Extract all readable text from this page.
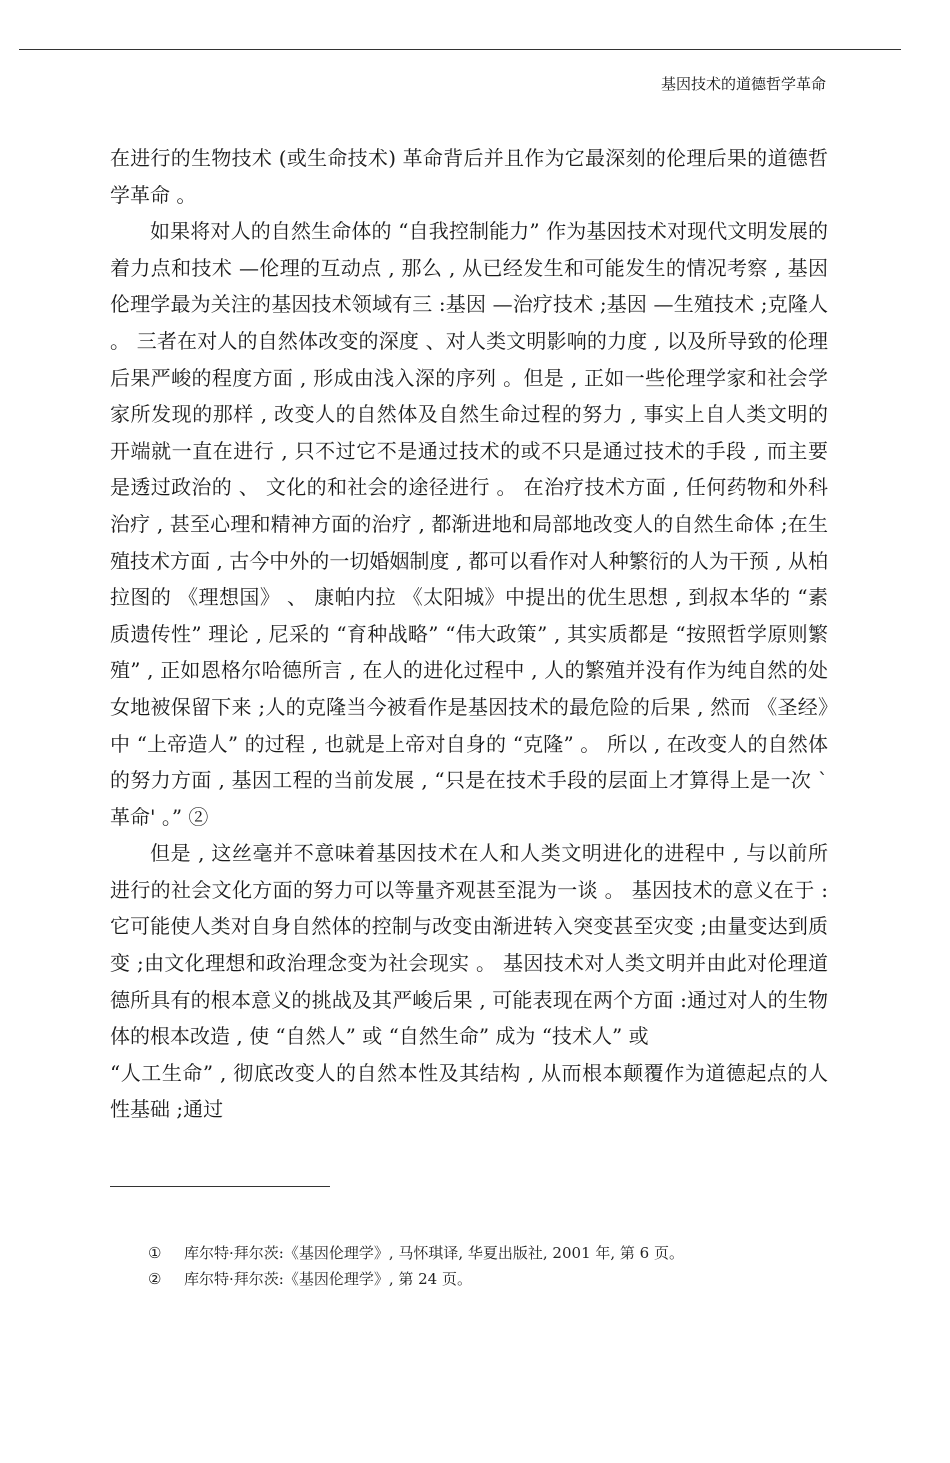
基因技术的道德哲学革命

在进行的生物技术 (或生命技术) 革命背后并且作为它最深刻的伦理后果的道德哲学革命 。

如果将对人的自然生命体的 “自我控制能力” 作为基因技术对现代文明发展的着力点和技术 —伦理的互动点 , 那么 , 从已经发生和可能发生的情况考察 , 基因伦理学最为关注的基因技术领域有三 :基因 —治疗技术 ;基因 —生殖技术 ;克隆人 。 三者在对人的自然体改变的深度 、对人类文明影响的力度 , 以及所导致的伦理后果严峻的程度方面 , 形成由浅入深的序列 。但是 , 正如一些伦理学家和社会学家所发现的那样 , 改变人的自然体及自然生命过程的努力 , 事实上自人类文明的开端就一直在进行 , 只不过它不是通过技术的或不只是通过技术的手段 , 而主要是透过政治的 、 文化的和社会的途径进行 。 在治疗技术方面 , 任何药物和外科治疗 , 甚至心理和精神方面的治疗 , 都渐进地和局部地改变人的自然生命体 ;在生殖技术方面 , 古今中外的一切婚姻制度 , 都可以看作对人种繁衍的人为干预 , 从柏拉图的 《理想国》 、 康帕内拉 《太阳城》中提出的优生思想 , 到叔本华的 “素质遗传性” 理论 , 尼采的 “育种战略” “伟大政策” , 其实质都是 “按照哲学原则繁殖” , 正如恩格尔哈德所言 , 在人的进化过程中 , 人的繁殖并没有作为纯自然的处女地被保留下来 ;人的克隆当今被看作是基因技术的最危险的后果 , 然而 《圣经》中 “上帝造人” 的过程 , 也就是上帝对自身的 “克隆” 。 所以 , 在改变人的自然体的努力方面 , 基因工程的当前发展 , “只是在技术手段的层面上才算得上是一次 `革命' 。” ②

但是 , 这丝毫并不意味着基因技术在人和人类文明进化的进程中 , 与以前所进行的社会文化方面的努力可以等量齐观甚至混为一谈 。 基因技术的意义在于 :它可能使人类对自身自然体的控制与改变由渐进转入突变甚至灾变 ;由量变达到质变 ;由文化理想和政治理念变为社会现实 。 基因技术对人类文明并由此对伦理道德所具有的根本意义的挑战及其严峻后果 , 可能表现在两个方面 :通过对人的生物体的根本改造 , 使 “自然人” 或 “自然生命” 成为 “技术人” 或

“人工生命” , 彻底改变人的自然本性及其结构 , 从而根本颠覆作为道德起点的人性基础 ;通过

① 库尔特·拜尔茨:《基因伦理学》, 马怀琪译, 华夏出版社, 2001 年, 第 6 页。
② 库尔特·拜尔茨:《基因伦理学》, 第 24 页。
